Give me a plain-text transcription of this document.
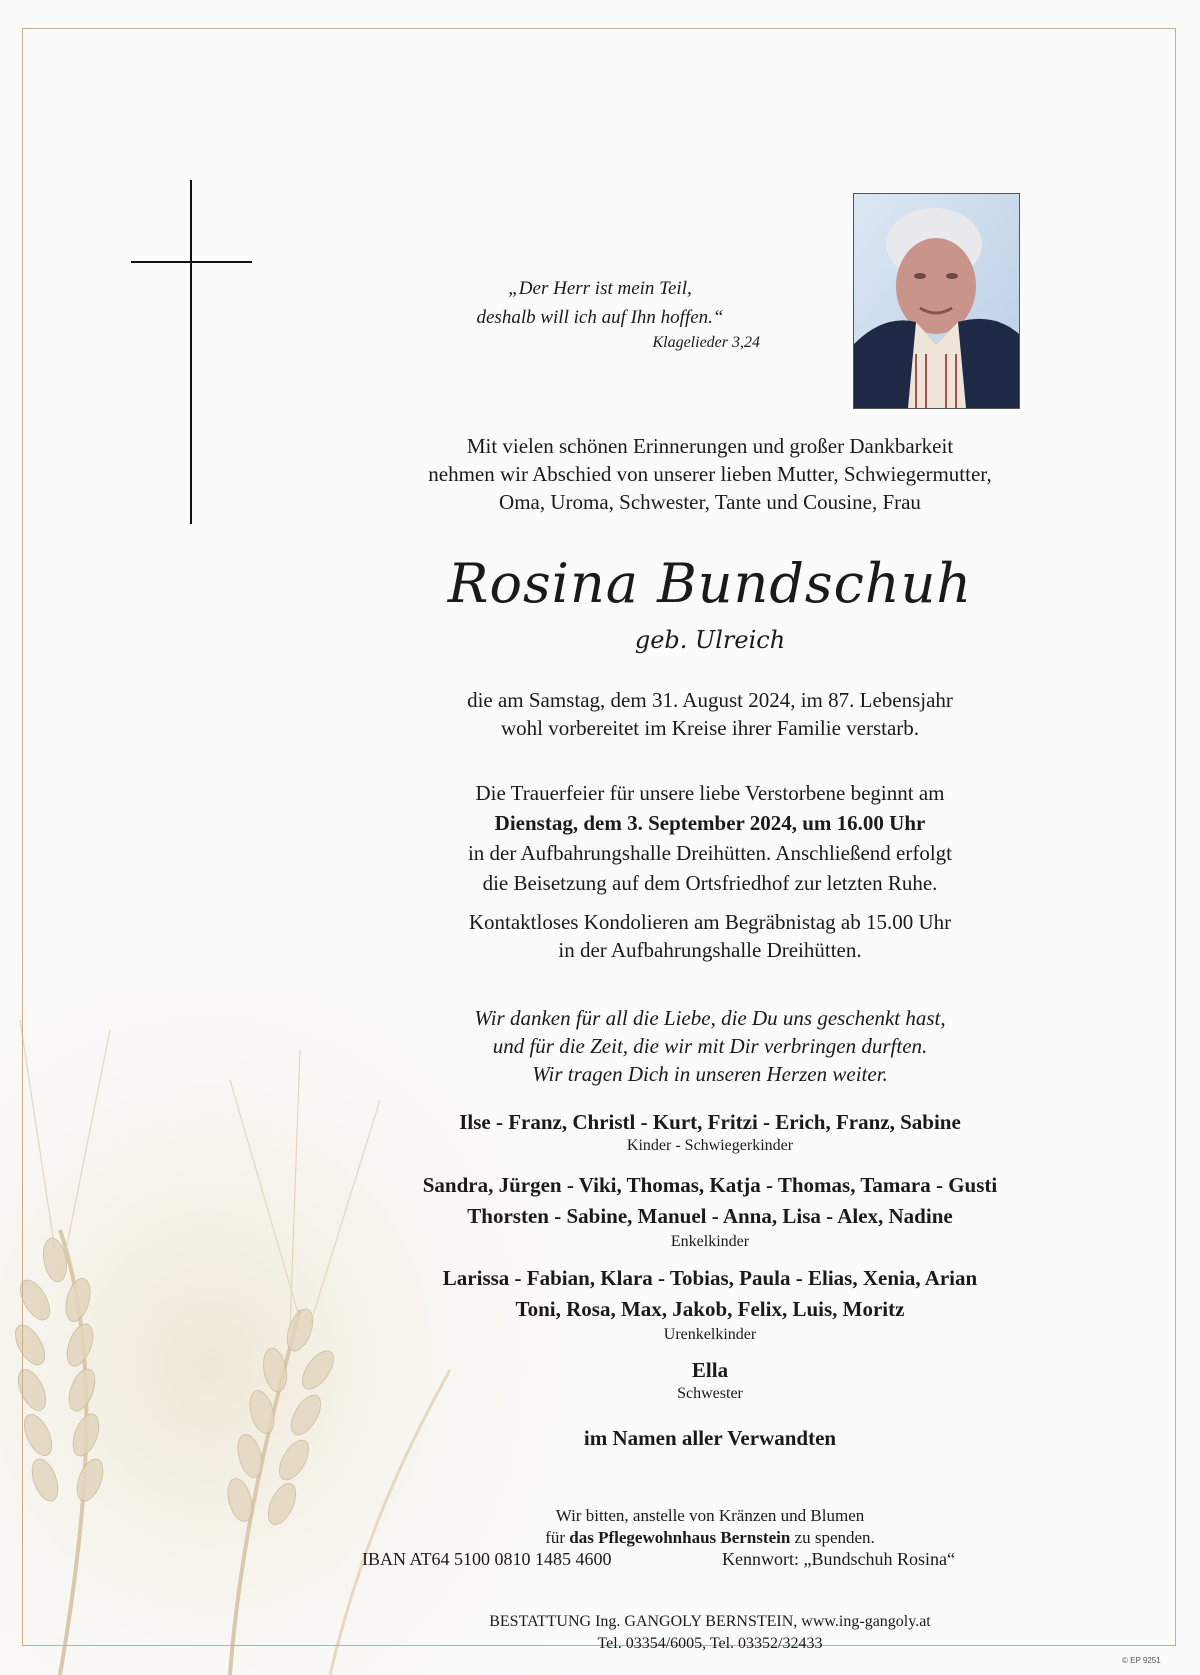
„Der Herr ist mein Teil,
deshalb will ich auf Ihn hoffen.“
Klagelieder 3,24
Mit vielen schönen Erinnerungen und großer Dankbarkeit
nehmen wir Abschied von unserer lieben Mutter, Schwiegermutter,
Oma, Uroma, Schwester, Tante und Cousine, Frau
Rosina Bundschuh
geb. Ulreich
die am Samstag, dem 31. August 2024, im 87. Lebensjahr
wohl vorbereitet im Kreise ihrer Familie verstarb.
Die Trauerfeier für unsere liebe Verstorbene beginnt am
Dienstag, dem 3. September 2024, um 16.00 Uhr
in der Aufbahrungshalle Dreihütten. Anschließend erfolgt
die Beisetzung auf dem Ortsfriedhof zur letzten Ruhe.
Kontaktloses Kondolieren am Begräbnistag ab 15.00 Uhr
in der Aufbahrungshalle Dreihütten.
Wir danken für all die Liebe, die Du uns geschenkt hast,
und für die Zeit, die wir mit Dir verbringen durften.
Wir tragen Dich in unseren Herzen weiter.
Ilse - Franz, Christl - Kurt, Fritzi - Erich, Franz, Sabine
Kinder - Schwiegerkinder
Sandra, Jürgen - Viki, Thomas, Katja - Thomas, Tamara - Gusti
Thorsten - Sabine, Manuel - Anna, Lisa - Alex, Nadine
Enkelkinder
Larissa - Fabian, Klara - Tobias, Paula - Elias, Xenia, Arian
Toni, Rosa, Max, Jakob, Felix, Luis, Moritz
Urenkelkinder
Ella
Schwester
im Namen aller Verwandten
Wir bitten, anstelle von Kränzen und Blumen
für das Pflegewohnhaus Bernstein zu spenden.
IBAN AT64 5100 0810 1485 4600	Kennwort: „Bundschuh Rosina“
BESTATTUNG Ing. GANGOLY BERNSTEIN, www.ing-gangoly.at
Tel. 03354/6005, Tel. 03352/32433
© EP 9251
